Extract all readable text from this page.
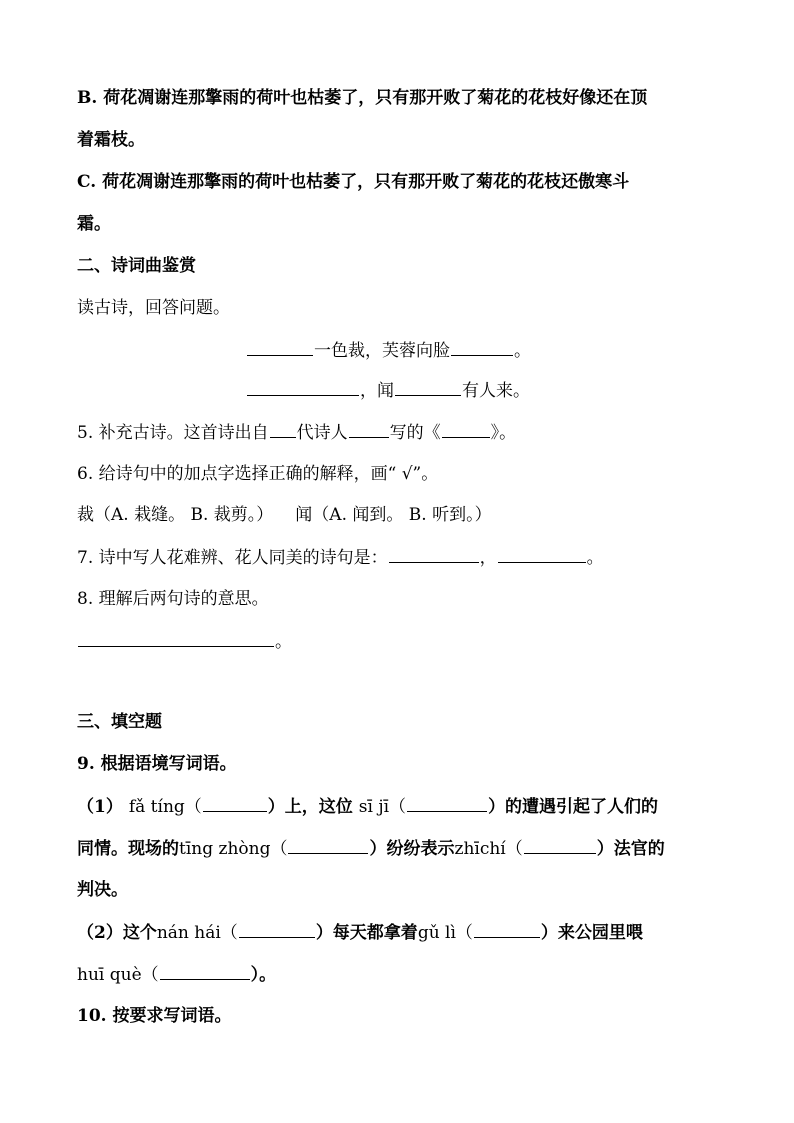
B. 荷花凋谢连那擎雨的荷叶也枯萎了，只有那开败了菊花的花枝好像还在顶
着霜枝。
C. 荷花凋谢连那擎雨的荷叶也枯萎了，只有那开败了菊花的花枝还傲寒斗
霜。
二、诗词曲鉴赏
读古诗，回答问题。
一色裁，芙蓉向脸	。
，闻	有人来。
5. 补充古诗。这首诗出自 代诗人 写的《	》。
6. 给诗句中的加点字选择正确的解释，画“ √”。
裁（A. 栽缝。 B. 裁剪。） 闻（A. 闻到。 B. 听到。）
7. 诗中写人花难辨、花人同美的诗句是：	，	。
8. 理解后两句诗的意思。
。
三、填空题
9. 根据语境写词语。
（1） fǎ tíng（	）上，这位 sī jī（	）的遭遇引起了人们的
同情。现场的tīng zhòng（	）纷纷表示zhīchí（	）法官的
判决。
（2）这个nán hái（	）每天都拿着gǔ lì（	）来公园里喂
huī què（	）。
10. 按要求写词语。
